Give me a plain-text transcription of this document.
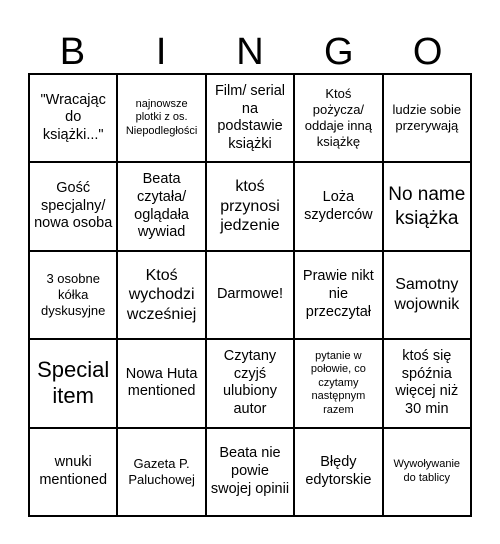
B	I	N	G	O
"Wracając do książki..."
najnowsze plotki z os. Niepodległości
Film/ serial na podstawie książki
Ktoś pożycza/ oddaje inną książkę
ludzie sobie przerywają
Gość specjalny/ nowa osoba
Beata czytała/ oglądała wywiad
ktoś przynosi jedzenie
Loża szyderców
No name książka
3 osobne kółka dyskusyjne
Ktoś wychodzi wcześniej
Darmowe!
Prawie nikt nie przeczytał
Samotny wojownik
Special item
Nowa Huta mentioned
Czytany czyjś ulubiony autor
pytanie w połowie, co czytamy następnym razem
ktoś się spóźnia więcej niż 30 min
wnuki mentioned
Gazeta P. Paluchowej
Beata nie powie swojej opinii
Błędy edytorskie
Wywoływanie do tablicy
